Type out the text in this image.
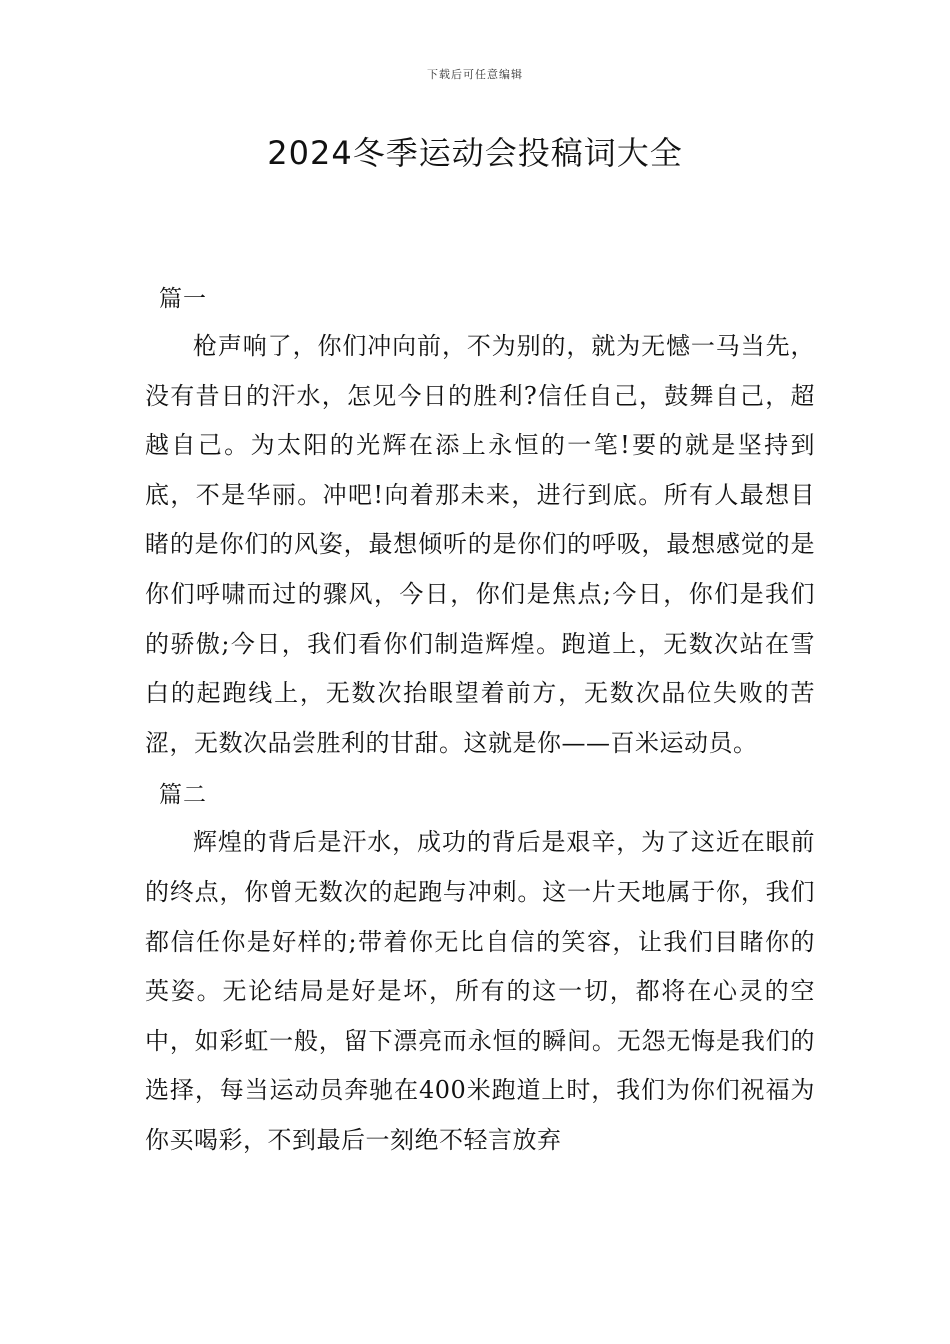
下载后可任意编辑
2024冬季运动会投稿词大全

篇一

枪声响了，你们冲向前，不为别的，就为无憾一马当先，没有昔日的汗水，怎见今日的胜利?信任自己，鼓舞自己，超越自己。为太阳的光辉在添上永恒的一笔!要的就是坚持到底，不是华丽。冲吧!向着那未来，进行到底。所有人最想目睹的是你们的风姿，最想倾听的是你们的呼吸，最想感觉的是你们呼啸而过的骤风，今日，你们是焦点;今日，你们是我们的骄傲;今日，我们看你们制造辉煌。跑道上，无数次站在雪白的起跑线上，无数次抬眼望着前方，无数次品位失败的苦涩，无数次品尝胜利的甘甜。这就是你——百米运动员。

篇二

辉煌的背后是汗水，成功的背后是艰辛，为了这近在眼前的终点，你曾无数次的起跑与冲刺。这一片天地属于你，我们都信任你是好样的;带着你无比自信的笑容，让我们目睹你的英姿。无论结局是好是坏，所有的这一切，都将在心灵的空中，如彩虹一般，留下漂亮而永恒的瞬间。无怨无悔是我们的选择，每当运动员奔驰在400米跑道上时，我们为你们祝福为你买喝彩，不到最后一刻绝不轻言放弃
